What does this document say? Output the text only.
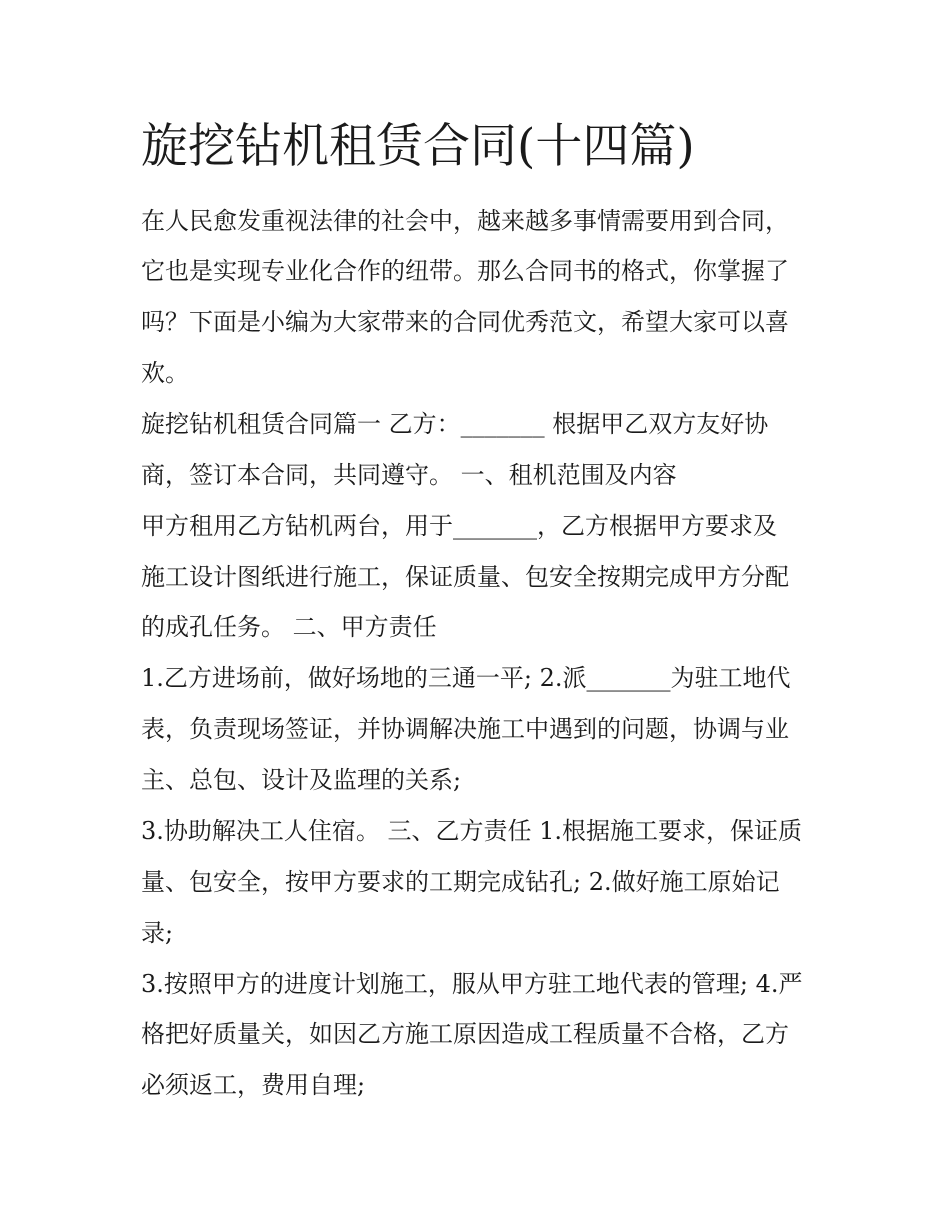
旋挖钻机租赁合同(十四篇)

在人民愈发重视法律的社会中，越来越多事情需要用到合同，

它也是实现专业化合作的纽带。那么合同书的格式，你掌握了

吗？下面是小编为大家带来的合同优秀范文，希望大家可以喜

欢。

旋挖钻机租赁合同篇一 乙方：_______ 根据甲乙双方友好协

商，签订本合同，共同遵守。 一、租机范围及内容

甲方租用乙方钻机两台，用于_______，乙方根据甲方要求及

施工设计图纸进行施工，保证质量、包安全按期完成甲方分配

的成孔任务。 二、甲方责任

1.乙方进场前，做好场地的三通一平; 2.派_______为驻工地代

表，负责现场签证，并协调解决施工中遇到的问题，协调与业

主、总包、设计及监理的关系;

3.协助解决工人住宿。 三、乙方责任 1.根据施工要求，保证质

量、包安全，按甲方要求的工期完成钻孔; 2.做好施工原始记

录;

3.按照甲方的进度计划施工，服从甲方驻工地代表的管理; 4.严

格把好质量关，如因乙方施工原因造成工程质量不合格，乙方

必须返工，费用自理;
